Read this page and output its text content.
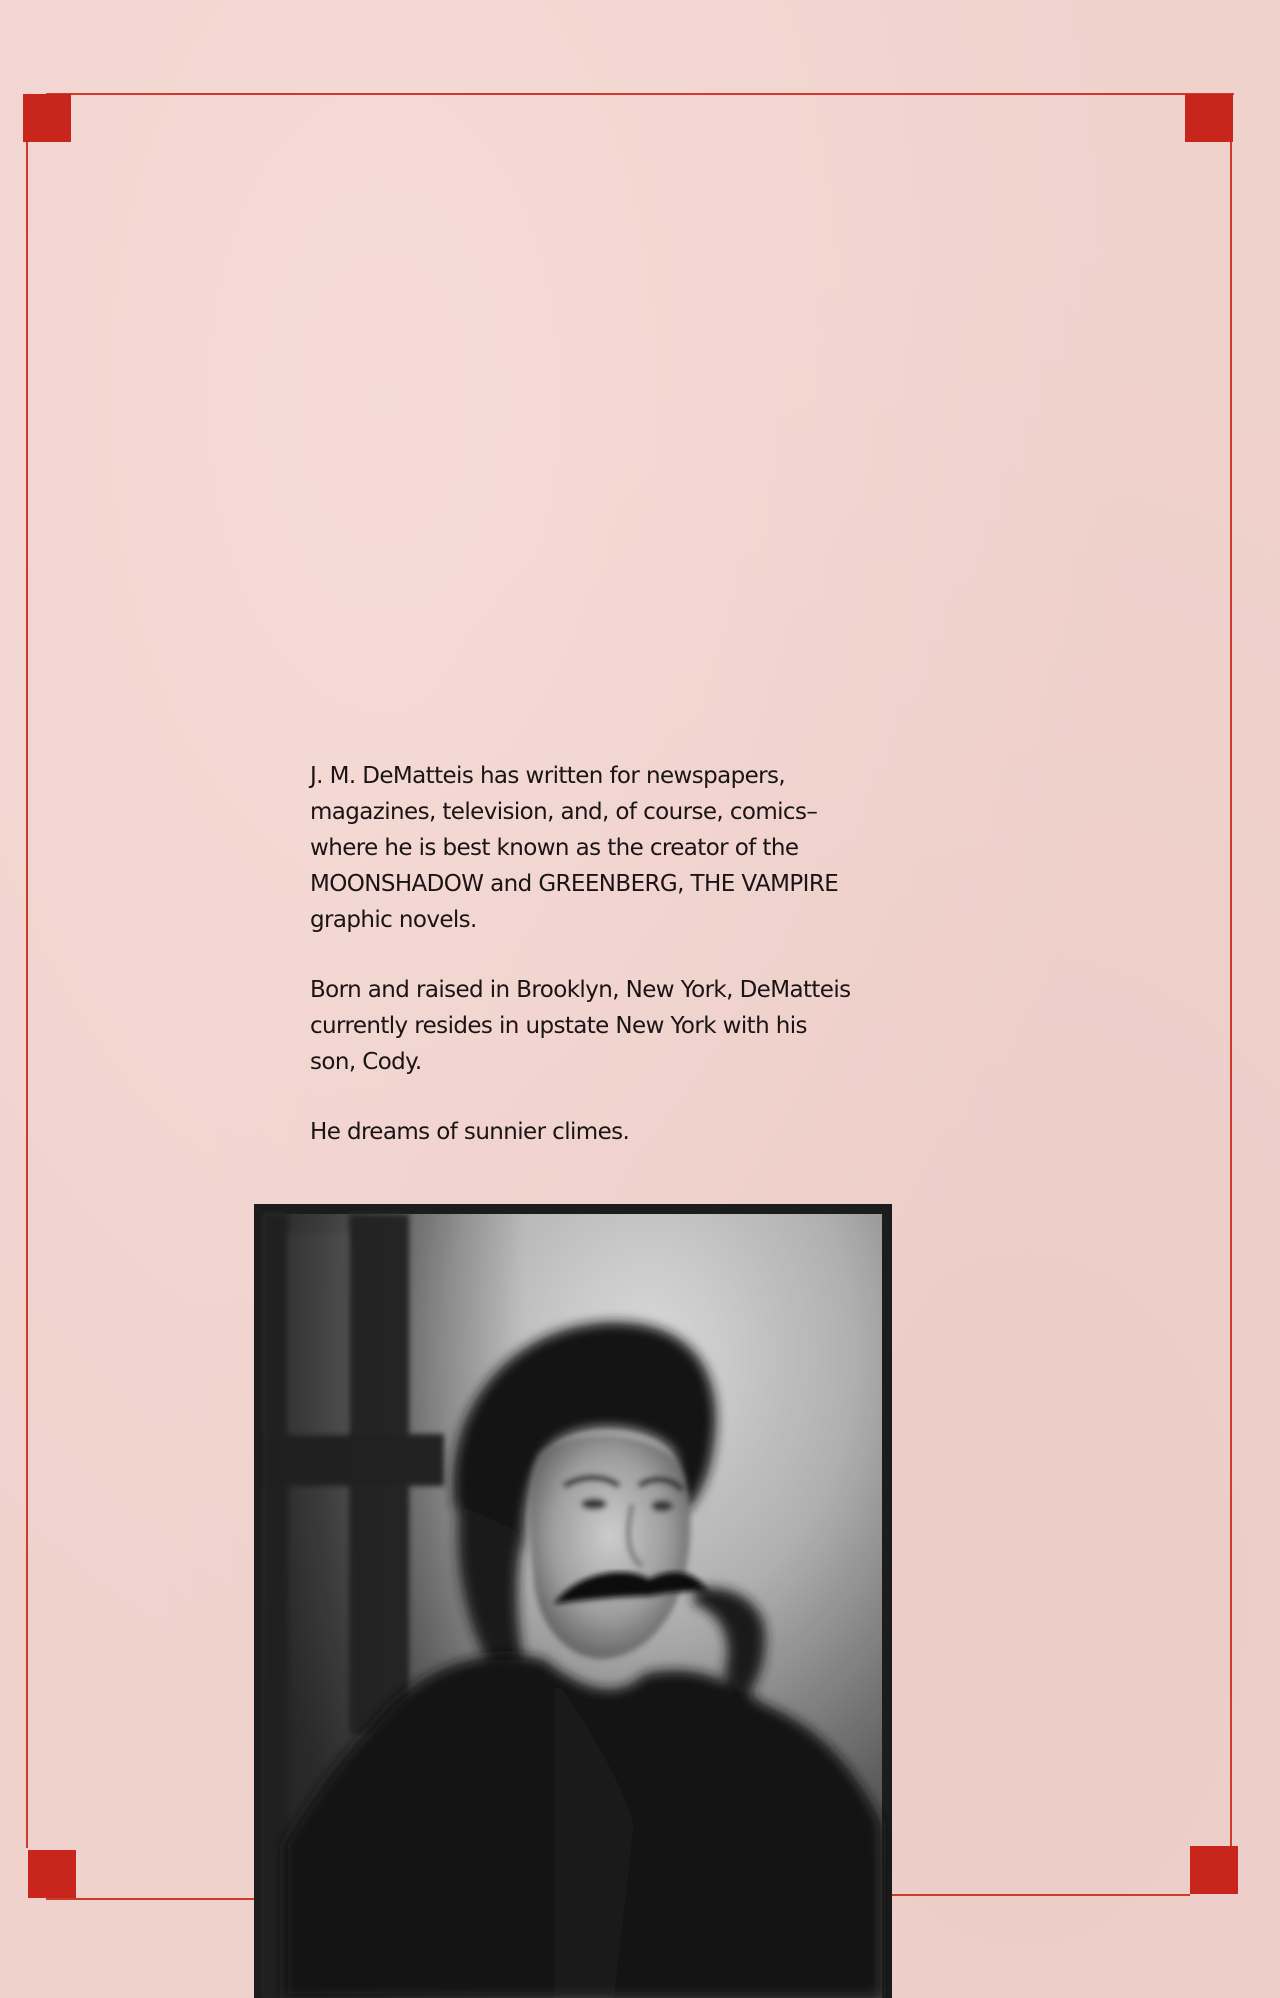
J. M. DeMatteis has written for newspapers,
magazines, television, and, of course, comics–
where he is best known as the creator of the
MOONSHADOW and GREENBERG, THE VAMPIRE
graphic novels.

Born and raised in Brooklyn, New York, DeMatteis
currently resides in upstate New York with his
son, Cody.

He dreams of sunnier climes.
